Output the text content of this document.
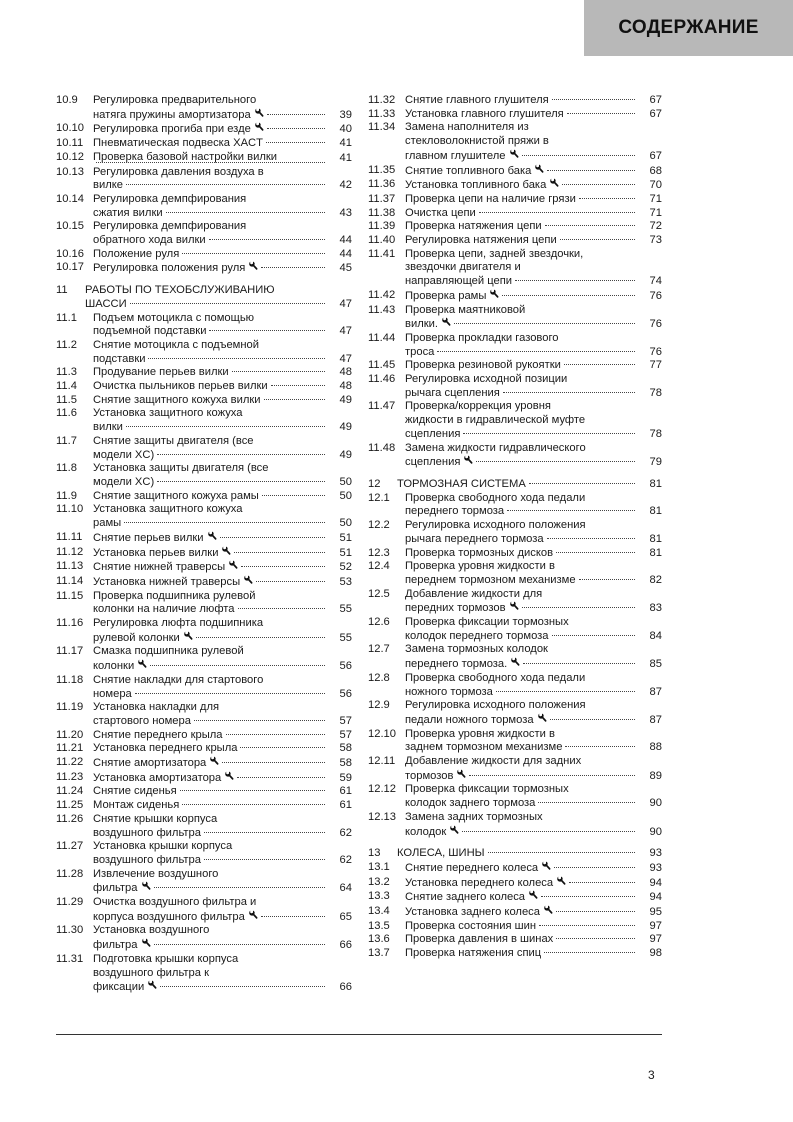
СОДЕРЖАНИЕ
10.9	Регулировка предварительного
натяга пружины амортизатора	39
10.10 Регулировка прогиба при езде	40
10.11 Пневматическая подвеска XACT	41
10.12 Проверка базовой настройки вилки	41
10.13 Регулировка давления воздуха в
вилке	42
10.14 Регулировка демпфирования
сжатия вилки	43
10.15 Регулировка демпфирования
обратного хода вилки	44
10.16 Положение руля	44
10.17 Регулировка положения руля	45
11	РАБОТЫ ПО ТЕХОБСЛУЖИВАНИЮ
ШАССИ	47
11.1	Подъем мотоцикла с помощью
подъемной подставки	47
11.2	Снятие мотоцикла с подъемной
подставки	47
11.3	Продувание перьев вилки	48
11.4	Очистка пыльников перьев вилки	48
11.5	Снятие защитного кожуха вилки	49
11.6	Установка защитного кожуха
вилки	49
11.7	Снятие защиты двигателя (все
модели XC)	49
11.8	Установка защиты двигателя (все
модели XC)	50
11.9	Снятие защитного кожуха рамы	50
11.10 Установка защитного кожуха
рамы	50
11.11 Снятие перьев вилки	51
11.12 Установка перьев вилки	51
11.13 Снятие нижней траверсы	52
11.14 Установка нижней траверсы	53
11.15 Проверка подшипника рулевой
колонки на наличие люфта	55
11.16 Регулировка люфта подшипника
рулевой колонки	55
11.17 Смазка подшипника рулевой
колонки	56
11.18 Снятие накладки для стартового
номера	56
11.19 Установка накладки для
стартового номера	57
11.20 Снятие переднего крыла	57
11.21 Установка переднего крыла	58
11.22 Снятие амортизатора	58
11.23 Установка амортизатора	59
11.24 Снятие сиденья	61
11.25 Монтаж сиденья	61
11.26 Снятие крышки корпуса
воздушного фильтра	62
11.27 Установка крышки корпуса
воздушного фильтра	62
11.28 Извлечение воздушного
фильтра	64
11.29 Очистка воздушного фильтра и
корпуса воздушного фильтра	65
11.30 Установка воздушного
фильтра	66
11.31 Подготовка крышки корпуса
воздушного фильтра к
фиксации	66
11.32 Снятие главного глушителя	67
11.33 Установка главного глушителя	67
11.34 Замена наполнителя из
стекловолокнистой пряжи в
главном глушителе	67
11.35 Снятие топливного бака	68
11.36 Установка топливного бака	70
11.37 Проверка цепи на наличие грязи	71
11.38 Очистка цепи	71
11.39 Проверка натяжения цепи	72
11.40 Регулировка натяжения цепи	73
11.41 Проверка цепи, задней звездочки,
звездочки двигателя и
направляющей цепи	74
11.42 Проверка рамы	76
11.43 Проверка маятниковой
вилки.	76
11.44 Проверка прокладки газового
троса	76
11.45 Проверка резиновой рукоятки	77
11.46 Регулировка исходной позиции
рычага сцепления	78
11.47 Проверка/коррекция уровня
жидкости в гидравлической муфте
сцепления	78
11.48 Замена жидкости гидравлического
сцепления	79
12	ТОРМОЗНАЯ СИСТЕМА	81
12.1	Проверка свободного хода педали
переднего тормоза	81
12.2	Регулировка исходного положения
рычага переднего тормоза	81
12.3	Проверка тормозных дисков	81
12.4	Проверка уровня жидкости в
переднем тормозном механизме	82
12.5	Добавление жидкости для
передних тормозов	83
12.6	Проверка фиксации тормозных
колодок переднего тормоза	84
12.7	Замена тормозных колодок
переднего тормоза.	85
12.8	Проверка свободного хода педали
ножного тормоза	87
12.9	Регулировка исходного положения
педали ножного тормоза	87
12.10 Проверка уровня жидкости в
заднем тормозном механизме	88
12.11 Добавление жидкости для задних
тормозов	89
12.12 Проверка фиксации тормозных
колодок заднего тормоза	90
12.13 Замена задних тормозных
колодок	90
13	КОЛЕСА, ШИНЫ	93
13.1	Снятие переднего колеса	93
13.2	Установка переднего колеса	94
13.3	Снятие заднего колеса	94
13.4	Установка заднего колеса	95
13.5	Проверка состояния шин	97
13.6	Проверка давления в шинах	97
13.7	Проверка натяжения спиц	98
3
